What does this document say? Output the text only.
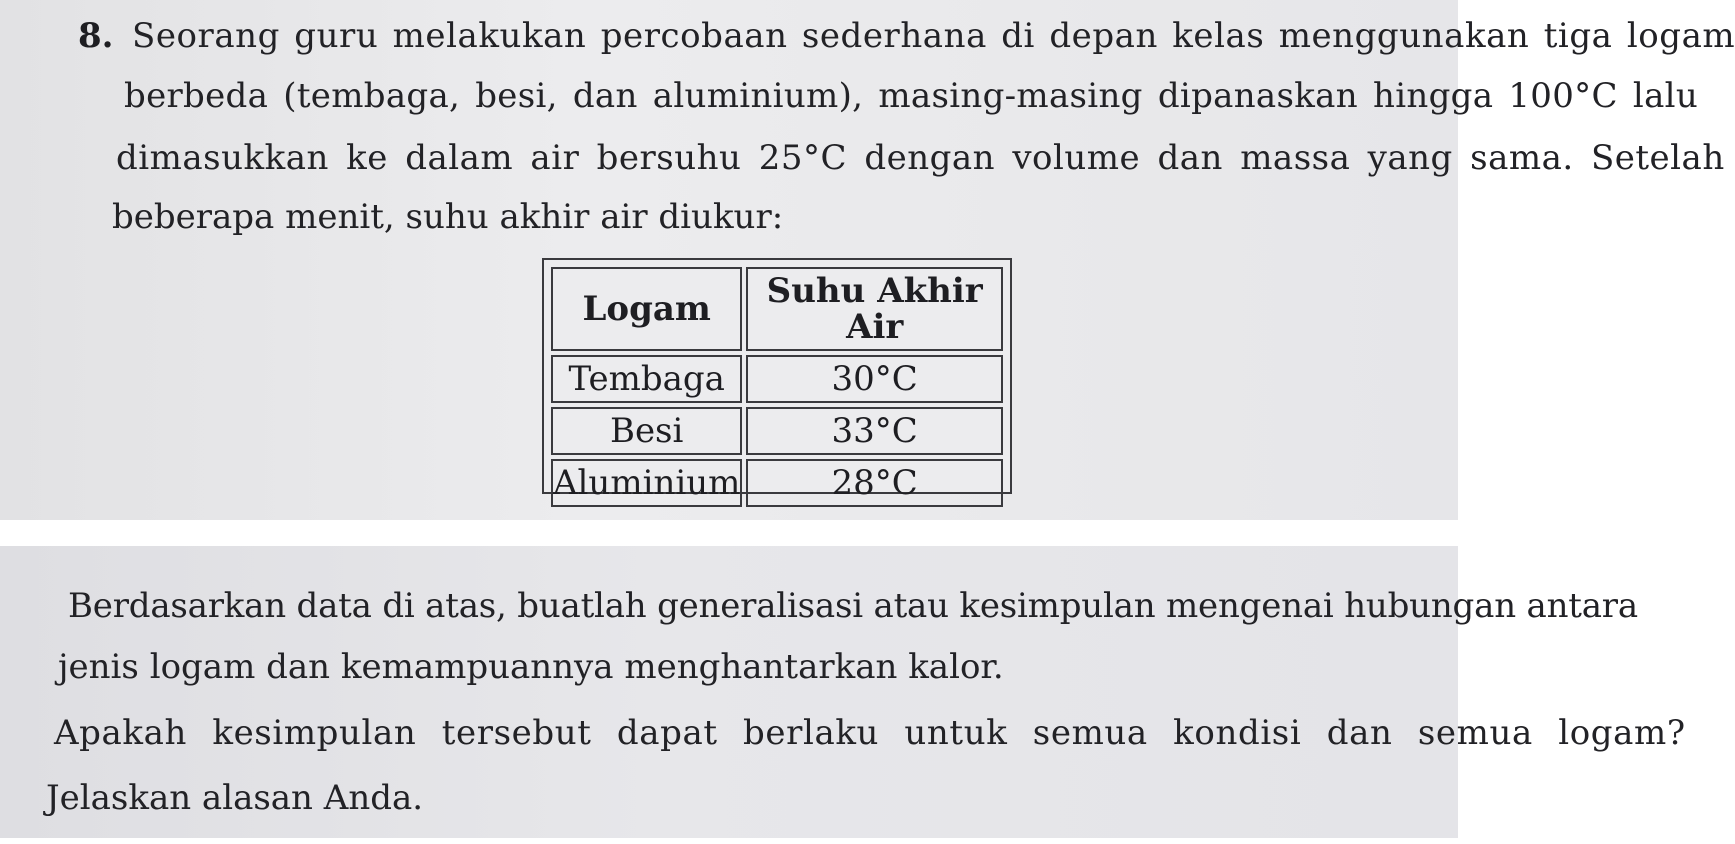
8. Seorang guru melakukan percobaan sederhana di depan kelas menggunakan tiga logam
berbeda (tembaga, besi, dan aluminium), masing-masing dipanaskan hingga 100°C lalu
dimasukkan ke dalam air bersuhu 25°C dengan volume dan massa yang sama. Setelah
beberapa menit, suhu akhir air diukur:
Logam	Suhu Akhir Air
Tembaga	30°C
Besi	33°C
Aluminium	28°C
Berdasarkan data di atas, buatlah generalisasi atau kesimpulan mengenai hubungan antara
jenis logam dan kemampuannya menghantarkan kalor.
Apakah kesimpulan tersebut dapat berlaku untuk semua kondisi dan semua logam?
Jelaskan alasan Anda.
